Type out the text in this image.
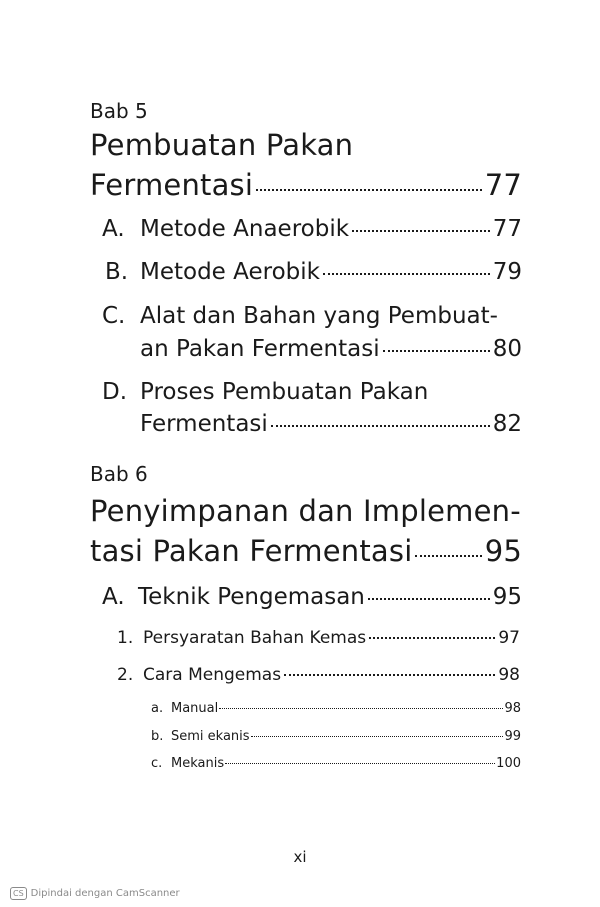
Bab 5
Pembuatan Pakan
Fermentasi	77
A. Metode Anaerobik	77
B. Metode Aerobik	79
C. Alat dan Bahan yang Pembuat-
an Pakan Fermentasi	80
D. Proses Pembuatan Pakan
Fermentasi	82
Bab 6
Penyimpanan dan Implemen-
tasi Pakan Fermentasi 95
A. Teknik Pengemasan	95
1. Persyaratan Bahan Kemas	97
2. Cara Mengemas	98
a. Manual	98
b. Semi ekanis	99
c. Mekanis	100
xi
CS Dipindai dengan CamScanner
